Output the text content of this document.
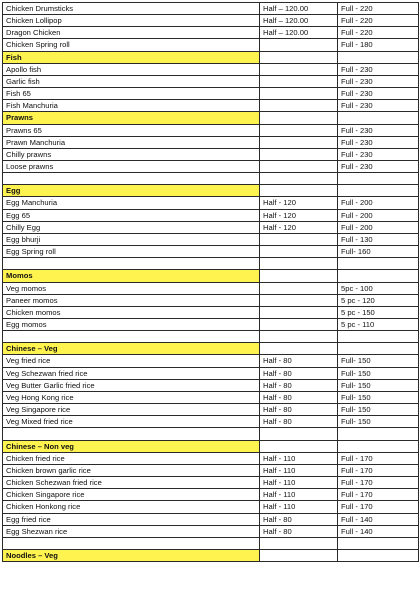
Chicken Drumsticks	Half – 120.00	Full - 220
Chicken Lollipop	Half – 120.00	Full - 220
Dragon Chicken	Half – 120.00	Full - 220
Chicken Spring roll		Full - 180
Fish		
Apollo fish		Full - 230
Garlic fish		Full - 230
Fish 65		Full - 230
Fish Manchuria		Full - 230
Prawns		
Prawns 65		Full - 230
Prawn Manchuria		Full - 230
Chilly prawns		Full - 230
Loose prawns		Full - 230

Egg		
Egg Manchuria	Half - 120	Full - 200
Egg 65	Half - 120	Full - 200
Chilly Egg	Half - 120	Full - 200
Egg bhurji		Full - 130
Egg Spring roll		Full- 160

Momos		
Veg momos		5pc - 100
Paneer momos		5 pc - 120
Chicken momos		5 pc - 150
Egg momos		5 pc - 110

Chinese – Veg		
Veg fried rice	Half - 80	Full- 150
Veg Schezwan fried rice	Half - 80	Full- 150
Veg Butter Garlic fried rice	Half - 80	Full- 150
Veg Hong Kong rice	Half - 80	Full- 150
Veg Singapore rice	Half - 80	Full- 150
Veg Mixed fried rice	Half - 80	Full- 150

Chinese – Non veg		
Chicken fried rice	Half - 110	Full - 170
Chicken brown garlic rice	Half - 110	Full - 170
Chicken Schezwan fried rice	Half - 110	Full - 170
Chicken Singapore rice	Half - 110	Full - 170
Chicken Honkong rice	Half - 110	Full - 170
Egg fried rice	Half - 80	Full - 140
Egg Shezwan rice	Half - 80	Full - 140

Noodles – Veg		
